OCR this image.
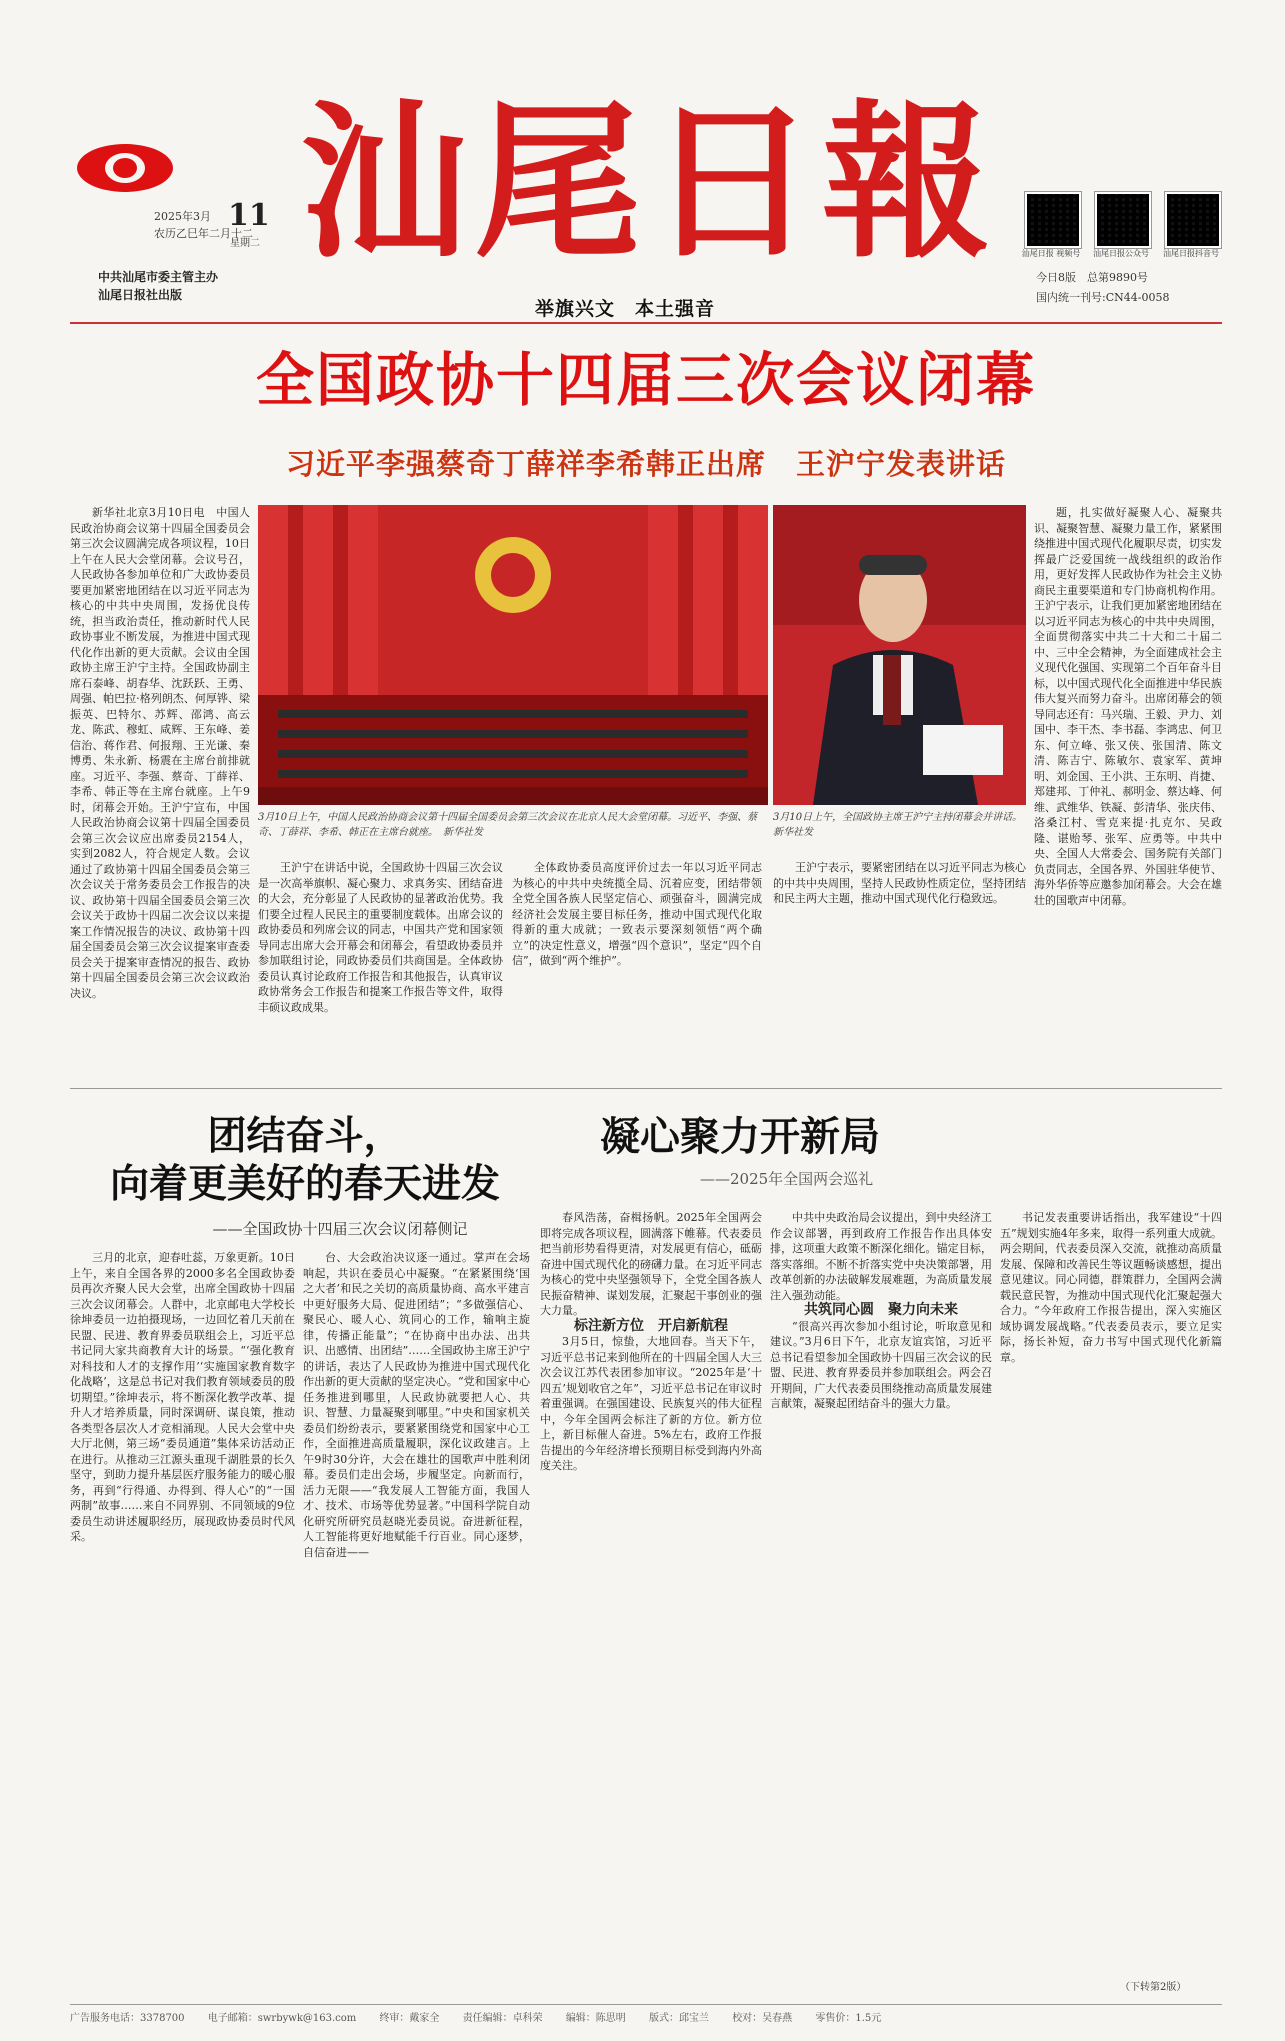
2025年3月
农历乙巳年二月十二
11
星期二
中共汕尾市委主管主办
汕尾日报社出版
汕尾日報
举旗兴文　本土强音
汕尾日报 视频号	汕尾日报公众号	汕尾日报抖音号
今日8版　总第9890号
国内统一刊号:CN44-0058
全国政协十四届三次会议闭幕
习近平李强蔡奇丁薛祥李希韩正出席　王沪宁发表讲话

新华社北京3月10日电　中国人民政治协商会议第十四届全国委员会第三次会议圆满完成各项议程，10日上午在人民大会堂闭幕。会议号召，人民政协各参加单位和广大政协委员要更加紧密地团结在以习近平同志为核心的中共中央周围，发扬优良传统，担当政治责任，推动新时代人民政协事业不断发展，为推进中国式现代化作出新的更大贡献。会议由全国政协主席王沪宁主持。全国政协副主席石泰峰、胡春华、沈跃跃、王勇、周强、帕巴拉·格列朗杰、何厚铧、梁振英、巴特尔、苏辉、邵鸿、高云龙、陈武、穆虹、咸辉、王东峰、姜信治、蒋作君、何报翔、王光谦、秦博勇、朱永新、杨震在主席台前排就座。习近平、李强、蔡奇、丁薛祥、李希、韩正等在主席台就座。上午9时，闭幕会开始。王沪宁宣布，中国人民政治协商会议第十四届全国委员会第三次会议应出席委员2154人，实到2082人，符合规定人数。会议通过了政协第十四届全国委员会第三次会议关于常务委员会工作报告的决议、政协第十四届全国委员会第三次会议关于政协十四届二次会议以来提案工作情况报告的决议、政协第十四届全国委员会第三次会议提案审查委员会关于提案审查情况的报告、政协第十四届全国委员会第三次会议政治决议。

3月10日上午，中国人民政治协商会议第十四届全国委员会第三次会议在北京人民大会堂闭幕。习近平、李强、蔡奇、丁薛祥、李希、韩正在主席台就座。　新华社发
3月10日上午，全国政协主席王沪宁主持闭幕会并讲话。　新华社发

王沪宁在讲话中说，全国政协十四届三次会议是一次高举旗帜、凝心聚力、求真务实、团结奋进的大会，充分彰显了人民政协的显著政治优势。我们要全过程人民民主的重要制度载体。出席会议的政协委员和列席会议的同志，中国共产党和国家领导同志出席大会开幕会和闭幕会，看望政协委员并参加联组讨论，同政协委员们共商国是。全体政协委员认真讨论政府工作报告和其他报告，认真审议政协常务会工作报告和提案工作报告等文件，取得丰硕议政成果。

全体政协委员高度评价过去一年以习近平同志为核心的中共中央统揽全局、沉着应变，团结带领全党全国各族人民坚定信心、顽强奋斗，圆满完成经济社会发展主要目标任务，推动中国式现代化取得新的重大成就；一致表示要深刻领悟“两个确立”的决定性意义，增强“四个意识”，坚定“四个自信”，做到“两个维护”。

王沪宁表示，要紧密团结在以习近平同志为核心的中共中央周围，坚持人民政协性质定位，坚持团结和民主两大主题，推动中国式现代化行稳致远。

题，扎实做好凝聚人心、凝聚共识、凝聚智慧、凝聚力量工作，紧紧围绕推进中国式现代化履职尽责，切实发挥最广泛爱国统一战线组织的政治作用，更好发挥人民政协作为社会主义协商民主重要渠道和专门协商机构作用。王沪宁表示，让我们更加紧密地团结在以习近平同志为核心的中共中央周围，全面贯彻落实中共二十大和二十届二中、三中全会精神，为全面建成社会主义现代化强国、实现第二个百年奋斗目标，以中国式现代化全面推进中华民族伟大复兴而努力奋斗。出席闭幕会的领导同志还有：马兴瑞、王毅、尹力、刘国中、李干杰、李书磊、李鸿忠、何卫东、何立峰、张又侠、张国清、陈文清、陈吉宁、陈敏尔、袁家军、黄坤明、刘金国、王小洪、王东明、肖捷、郑建邦、丁仲礼、郝明金、蔡达峰、何维、武维华、铁凝、彭清华、张庆伟、洛桑江村、雪克来提·扎克尔、吴政隆、谌贻琴、张军、应勇等。中共中央、全国人大常委会、国务院有关部门负责同志，全国各界、外国驻华使节、海外华侨等应邀参加闭幕会。大会在雄壮的国歌声中闭幕。

团结奋斗，
向着更美好的春天进发
——全国政协十四届三次会议闭幕侧记

三月的北京，迎春吐蕊，万象更新。10日上午，来自全国各界的2000多名全国政协委员再次齐聚人民大会堂，出席全国政协十四届三次会议闭幕会。人群中，北京邮电大学校长徐坤委员一边拍摄现场，一边回忆着几天前在民盟、民进、教育界委员联组会上，习近平总书记同大家共商教育大计的场景。“‘强化教育对科技和人才的支撑作用’‘实施国家教育数字化战略’，这是总书记对我们教育领域委员的殷切期望。”徐坤表示，将不断深化教学改革、提升人才培养质量，同时深调研、谋良策，推动各类型各层次人才竞相涌现。人民大会堂中央大厅北侧，第三场“委员通道”集体采访活动正在进行。从推动三江源头重现千湖胜景的长久坚守，到助力提升基层医疗服务能力的暖心服务，再到“行得通、办得到、得人心”的“一国两制”故事……来自不同界别、不同领域的9位委员生动讲述履职经历，展现政协委员时代风采。

台、大会政治决议逐一通过。掌声在会场响起，共识在委员心中凝聚。“在紧紧围绕‘国之大者’和民之关切的高质量协商、高水平建言中更好服务大局、促进团结”；“多做强信心、聚民心、暖人心、筑同心的工作，输响主旋律，传播正能量”；“在协商中出办法、出共识、出感情、出团结”……全国政协主席王沪宁的讲话，表达了人民政协为推进中国式现代化作出新的更大贡献的坚定决心。“党和国家中心任务推进到哪里，人民政协就要把人心、共识、智慧、力量凝聚到哪里。”中央和国家机关委员们纷纷表示，要紧紧围绕党和国家中心工作，全面推进高质量履职，深化议政建言。上午9时30分许，大会在雄壮的国歌声中胜利闭幕。委员们走出会场，步履坚定。向新而行，活力无限——“我发展人工智能方面，我国人才、技术、市场等优势显著。”中国科学院自动化研究所研究员赵晓光委员说。奋进新征程，人工智能将更好地赋能千行百业。同心逐梦，自信奋进——

凝心聚力开新局
——2025年全国两会巡礼

春风浩荡，奋楫扬帆。2025年全国两会即将完成各项议程，圆满落下帷幕。代表委员把当前形势看得更清，对发展更有信心，砥砺奋进中国式现代化的磅礴力量。在习近平同志为核心的党中央坚强领导下，全党全国各族人民振奋精神、谋划发展，汇聚起干事创业的强大力量。

标注新方位　开启新航程

3月5日，惊蛰，大地回春。当天下午，习近平总书记来到他所在的十四届全国人大三次会议江苏代表团参加审议。“2025年是‘十四五’规划收官之年”，习近平总书记在审议时着重强调。在强国建设、民族复兴的伟大征程中，今年全国两会标注了新的方位。新方位上，新目标催人奋进。5%左右，政府工作报告提出的今年经济增长预期目标受到海内外高度关注。

中共中央政治局会议提出，到中央经济工作会议部署，再到政府工作报告作出具体安排，这项重大政策不断深化细化。锚定目标，落实落细。不断不折落实党中央决策部署，用改革创新的办法破解发展难题，为高质量发展注入强劲动能。

共筑同心圆　聚力向未来

“很高兴再次参加小组讨论，听取意见和建议。”3月6日下午，北京友谊宾馆，习近平总书记看望参加全国政协十四届三次会议的民盟、民进、教育界委员并参加联组会。两会召开期间，广大代表委员围绕推动高质量发展建言献策，凝聚起团结奋斗的强大力量。

书记发表重要讲话指出，我军建设“十四五”规划实施4年多来，取得一系列重大成就。两会期间，代表委员深入交流，就推动高质量发展、保障和改善民生等议题畅谈感想，提出意见建议。同心同德，群策群力，全国两会满载民意民智，为推动中国式现代化汇聚起强大合力。“今年政府工作报告提出，深入实施区域协调发展战略。”代表委员表示，要立足实际，扬长补短，奋力书写中国式现代化新篇章。

（下转第2版）
广告服务电话：3378700 电子邮箱：swrbywk@163.com 终审：戴家全 责任编辑：卓科荣 编辑：陈思明 版式：邱宝兰 校对：吴春燕 零售价：1.5元
